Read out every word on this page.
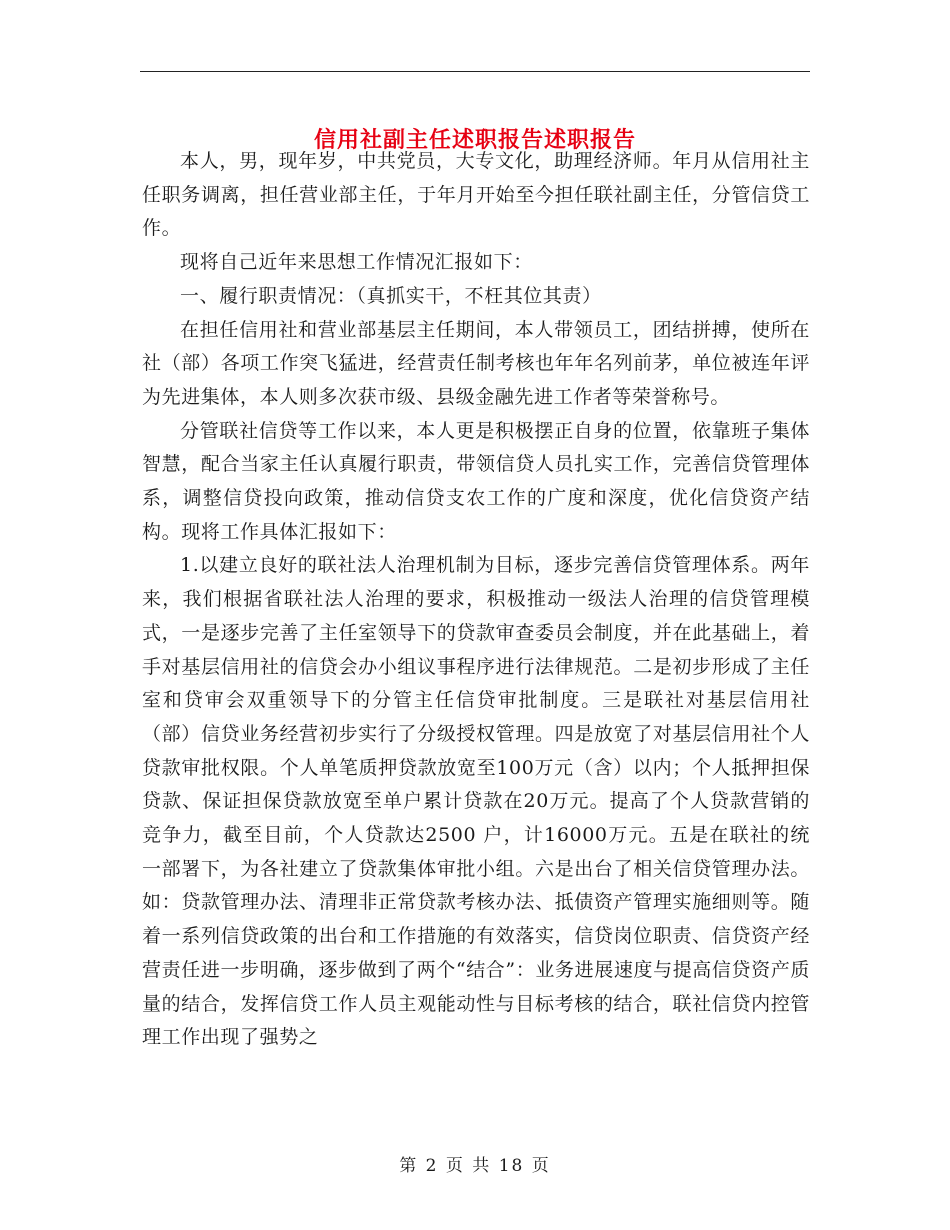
信用社副主任述职报告述职报告

本人，男，现年岁，中共党员，大专文化，助理经济师。年月从信用社主任职务调离，担任营业部主任，于年月开始至今担任联社副主任，分管信贷工作。

现将自己近年来思想工作情况汇报如下：

一、履行职责情况：（真抓实干，不枉其位其责）

在担任信用社和营业部基层主任期间，本人带领员工，团结拼搏，使所在社（部）各项工作突飞猛进，经营责任制考核也年年名列前茅，单位被连年评为先进集体，本人则多次获市级、县级金融先进工作者等荣誉称号。

分管联社信贷等工作以来，本人更是积极摆正自身的位置，依靠班子集体智慧，配合当家主任认真履行职责，带领信贷人员扎实工作，完善信贷管理体系，调整信贷投向政策，推动信贷支农工作的广度和深度，优化信贷资产结构。现将工作具体汇报如下：

1.以建立良好的联社法人治理机制为目标，逐步完善信贷管理体系。两年来，我们根据省联社法人治理的要求，积极推动一级法人治理的信贷管理模式，一是逐步完善了主任室领导下的贷款审查委员会制度，并在此基础上，着手对基层信用社的信贷会办小组议事程序进行法律规范。二是初步形成了主任室和贷审会双重领导下的分管主任信贷审批制度。三是联社对基层信用社（部）信贷业务经营初步实行了分级授权管理。四是放宽了对基层信用社个人贷款审批权限。个人单笔质押贷款放宽至100万元（含）以内；个人抵押担保贷款、保证担保贷款放宽至单户累计贷款在20万元。提高了个人贷款营销的竞争力，截至目前，个人贷款达2500 户，计16000万元。五是在联社的统一部署下，为各社建立了贷款集体审批小组。六是出台了相关信贷管理办法。如：贷款管理办法、清理非正常贷款考核办法、抵债资产管理实施细则等。随着一系列信贷政策的出台和工作措施的有效落实，信贷岗位职责、信贷资产经营责任进一步明确，逐步做到了两个“结合”：业务进展速度与提高信贷资产质量的结合，发挥信贷工作人员主观能动性与目标考核的结合，联社信贷内控管理工作出现了强势之

第 2 页 共 18 页
